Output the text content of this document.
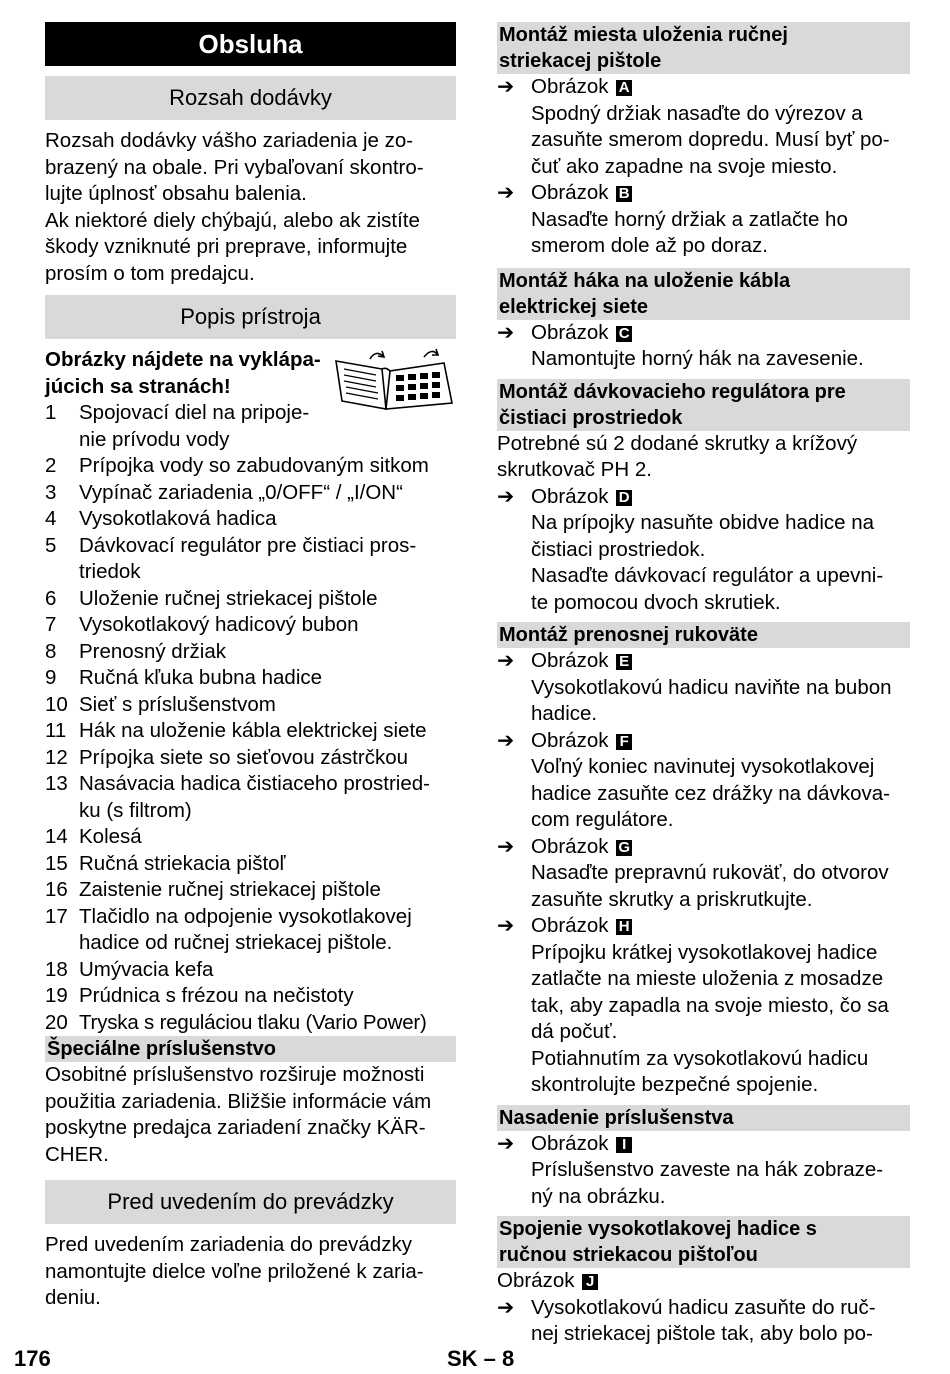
Obsluha
Rozsah dodávky

Rozsah dodávky vášho zariadenia je zo-

brazený na obale. Pri vybaľovaní skontro-

lujte úplnosť obsahu balenia.

Ak niektoré diely chýbajú, alebo ak zistíte

škody vzniknuté pri preprave, informujte

prosím o tom predajcu.

Popis prístroja

Obrázky nájdete na vyklápa-

júcich sa stranách!

1	Spojovací diel na pripoje-
nie prívodu vody
2	Prípojka vody so zabudovaným sitkom
3	Vypínač zariadenia „0/OFF“ / „I/ON“
4	Vysokotlaková hadica
5	Dávkovací regulátor pre čistiaci pros-
triedok
6	Uloženie ručnej striekacej pištole
7	Vysokotlakový hadicový bubon
8	Prenosný držiak
9	Ručná kľuka bubna hadice
10 Sieť s príslušenstvom
11 Hák na uloženie kábla elektrickej siete
12 Prípojka siete so sieťovou zástrčkou
13 Nasávacia hadica čistiaceho prostried-
ku (s filtrom)
14 Kolesá
15 Ručná striekacia pištoľ
16 Zaistenie ručnej striekacej pištole
17 Tlačidlo na odpojenie vysokotlakovej
hadice od ručnej striekacej pištole.
18 Umývacia kefa
19 Prúdnica s frézou na nečistoty
20 Tryska s reguláciou tlaku (Vario Power)
Špeciálne príslušenstvo

Osobitné príslušenstvo rozširuje možnosti

použitia zariadenia. Bližšie informácie vám

poskytne predajca zariadení značky KÄR-

CHER.

Pred uvedením do prevádzky

Pred uvedením zariadenia do prevádzky

namontujte dielce voľne priložené k zaria-

deniu.

Montáž miesta uloženia ručnej
striekacej pištole
➔ Obrázok A

Spodný držiak nasaďte do výrezov a

zasuňte smerom dopredu. Musí byť po-

čuť ako zapadne na svoje miesto.

➔ Obrázok B

Nasaďte horný držiak a zatlačte ho

smerom dole až po doraz.

Montáž háka na uloženie kábla
elektrickej siete
➔ Obrázok C

Namontujte horný hák na zavesenie.

Montáž dávkovacieho regulátora pre
čistiaci prostriedok

Potrebné sú 2 dodané skrutky a krížový

skrutkovač PH 2.

➔ Obrázok D

Na prípojky nasuňte obidve hadice na

čistiaci prostriedok.

Nasaďte dávkovací regulátor a upevni-

te pomocou dvoch skrutiek.

Montáž prenosnej rukoväte
➔ Obrázok E

Vysokotlakovú hadicu naviňte na bubon

hadice.

➔ Obrázok F

Voľný koniec navinutej vysokotlakovej

hadice zasuňte cez drážky na dávkova-

com regulátore.

➔ Obrázok G

Nasaďte prepravnú rukoväť, do otvorov

zasuňte skrutky a priskrutkujte.

➔ Obrázok H

Prípojku krátkej vysokotlakovej hadice

zatlačte na mieste uloženia z mosadze

tak, aby zapadla na svoje miesto, čo sa

dá počuť.

Potiahnutím za vysokotlakovú hadicu

skontrolujte bezpečné spojenie.

Nasadenie príslušenstva
➔ Obrázok I

Príslušenstvo zaveste na hák zobraze-

ný na obrázku.

Spojenie vysokotlakovej hadice s
ručnou striekacou pištoľou

Obrázok J

➔ Vysokotlakovú hadicu zasuňte do ruč-
nej striekacej pištole tak, aby bolo po-
176	SK – 8
